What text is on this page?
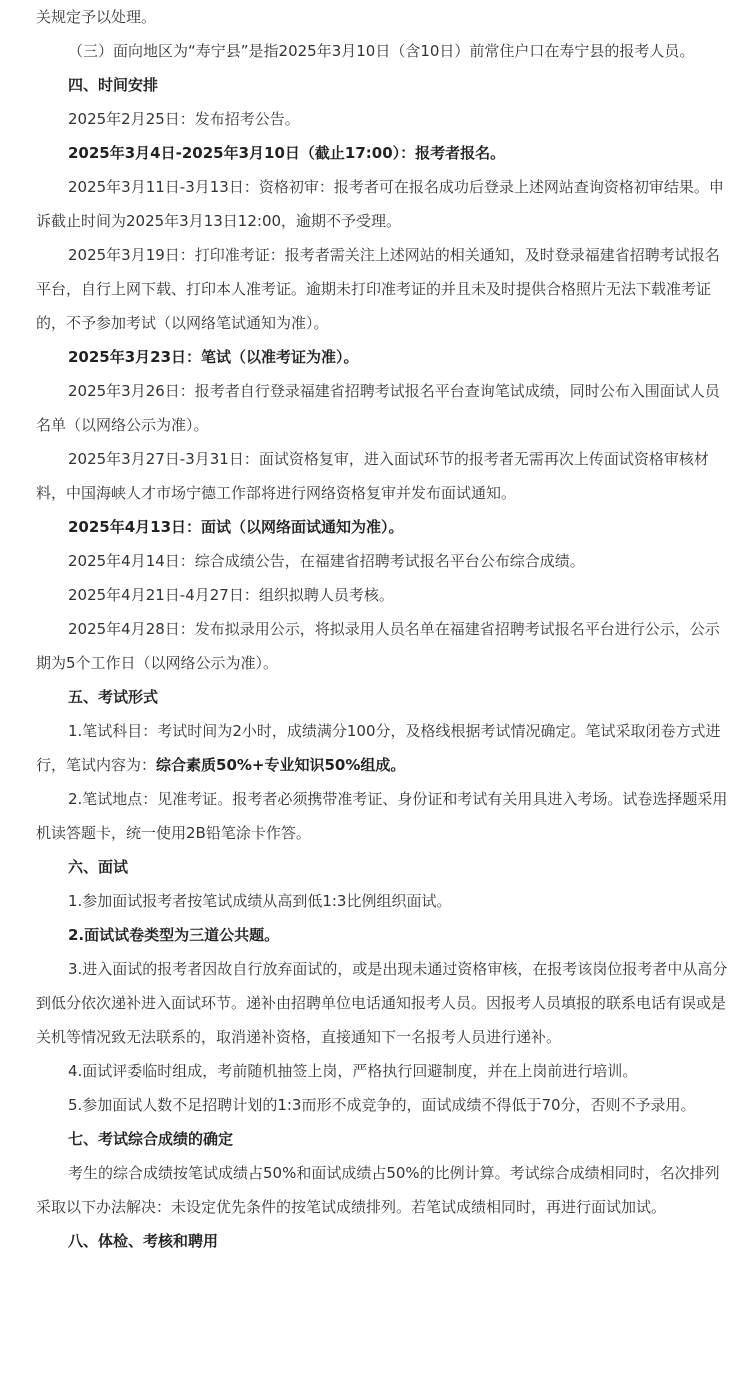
关规定予以处理。

（三）面向地区为“寿宁县”是指2025年3月10日（含10日）前常住户口在寿宁县的报考人员。

四、时间安排

2025年2月25日：发布招考公告。

2025年3月4日-2025年3月10日（截止17:00）：报考者报名。

2025年3月11日-3月13日：资格初审：报考者可在报名成功后登录上述网站查询资格初审结果。申诉截止时间为2025年3月13日12:00，逾期不予受理。

2025年3月19日：打印准考证：报考者需关注上述网站的相关通知，及时登录福建省招聘考试报名平台，自行上网下载、打印本人准考证。逾期未打印准考证的并且未及时提供合格照片无法下载准考证的，不予参加考试（以网络笔试通知为准）。

2025年3月23日：笔试（以准考证为准）。

2025年3月26日：报考者自行登录福建省招聘考试报名平台查询笔试成绩，同时公布入围面试人员名单（以网络公示为准）。

2025年3月27日-3月31日：面试资格复审，进入面试环节的报考者无需再次上传面试资格审核材料，中国海峡人才市场宁德工作部将进行网络资格复审并发布面试通知。

2025年4月13日：面试（以网络面试通知为准）。

2025年4月14日：综合成绩公告，在福建省招聘考试报名平台公布综合成绩。

2025年4月21日-4月27日：组织拟聘人员考核。

2025年4月28日：发布拟录用公示，将拟录用人员名单在福建省招聘考试报名平台进行公示，公示期为5个工作日（以网络公示为准）。

五、考试形式

1.笔试科目：考试时间为2小时，成绩满分100分，及格线根据考试情况确定。笔试采取闭卷方式进行，笔试内容为：综合素质50%+专业知识50%组成。

2.笔试地点：见准考证。报考者必须携带准考证、身份证和考试有关用具进入考场。试卷选择题采用机读答题卡，统一使用2B铅笔涂卡作答。

六、面试

1.参加面试报考者按笔试成绩从高到低1:3比例组织面试。

2.面试试卷类型为三道公共题。

3.进入面试的报考者因故自行放弃面试的，或是出现未通过资格审核，在报考该岗位报考者中从高分到低分依次递补进入面试环节。递补由招聘单位电话通知报考人员。因报考人员填报的联系电话有误或是关机等情况致无法联系的，取消递补资格，直接通知下一名报考人员进行递补。

4.面试评委临时组成，考前随机抽签上岗，严格执行回避制度，并在上岗前进行培训。

5.参加面试人数不足招聘计划的1:3而形不成竞争的，面试成绩不得低于70分，否则不予录用。

七、考试综合成绩的确定

考生的综合成绩按笔试成绩占50%和面试成绩占50%的比例计算。考试综合成绩相同时，名次排列采取以下办法解决：未设定优先条件的按笔试成绩排列。若笔试成绩相同时，再进行面试加试。

八、体检、考核和聘用
